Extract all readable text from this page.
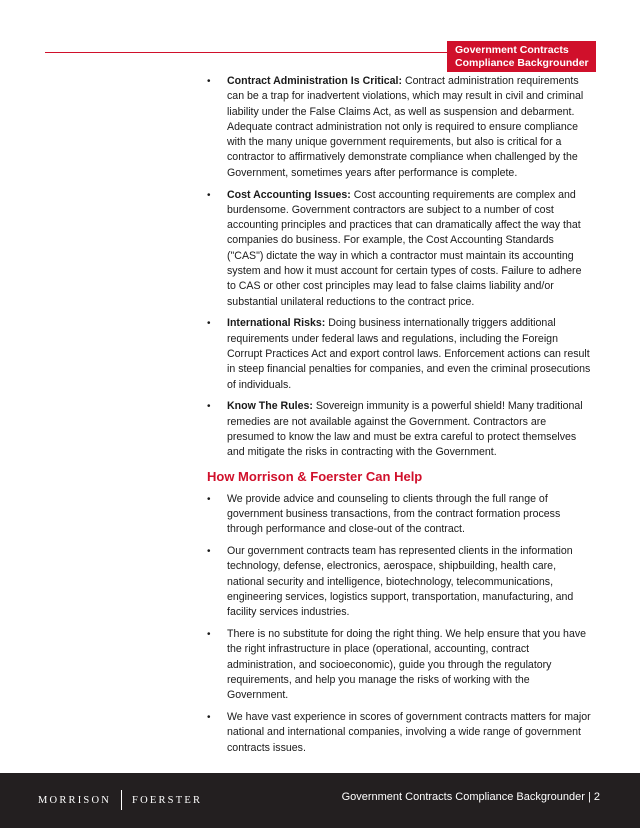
Government Contracts
Compliance Backgrounder
• Contract Administration Is Critical: Contract administration requirements can be a trap for inadvertent violations, which may result in civil and criminal liability under the False Claims Act, as well as suspension and debarment. Adequate contract administration not only is required to ensure compliance with the many unique government requirements, but also is critical for a contractor to affirmatively demonstrate compliance when challenged by the Government, sometimes years after performance is complete.
• Cost Accounting Issues: Cost accounting requirements are complex and burdensome. Government contractors are subject to a number of cost accounting principles and practices that can dramatically affect the way that companies do business. For example, the Cost Accounting Standards ("CAS") dictate the way in which a contractor must maintain its accounting system and how it must account for certain types of costs. Failure to adhere to CAS or other cost principles may lead to false claims liability and/or substantial unilateral reductions to the contract price.
• International Risks: Doing business internationally triggers additional requirements under federal laws and regulations, including the Foreign Corrupt Practices Act and export control laws. Enforcement actions can result in steep financial penalties for companies, and even the criminal prosecutions of individuals.
• Know The Rules: Sovereign immunity is a powerful shield! Many traditional remedies are not available against the Government. Contractors are presumed to know the law and must be extra careful to protect themselves and mitigate the risks in contracting with the Government.
How Morrison & Foerster Can Help
• We provide advice and counseling to clients through the full range of government business transactions, from the contract formation process through performance and close-out of the contract.
• Our government contracts team has represented clients in the information technology, defense, electronics, aerospace, shipbuilding, health care, national security and intelligence, biotechnology, telecommunications, engineering services, logistics support, transportation, manufacturing, and facility services industries.
• There is no substitute for doing the right thing. We help ensure that you have the right infrastructure in place (operational, accounting, contract administration, and socioeconomic), guide you through the regulatory requirements, and help you manage the risks of working with the Government.
• We have vast experience in scores of government contracts matters for major national and international companies, involving a wide range of government contracts issues.
MORRISON FOERSTER	Government Contracts Compliance Backgrounder | 2
